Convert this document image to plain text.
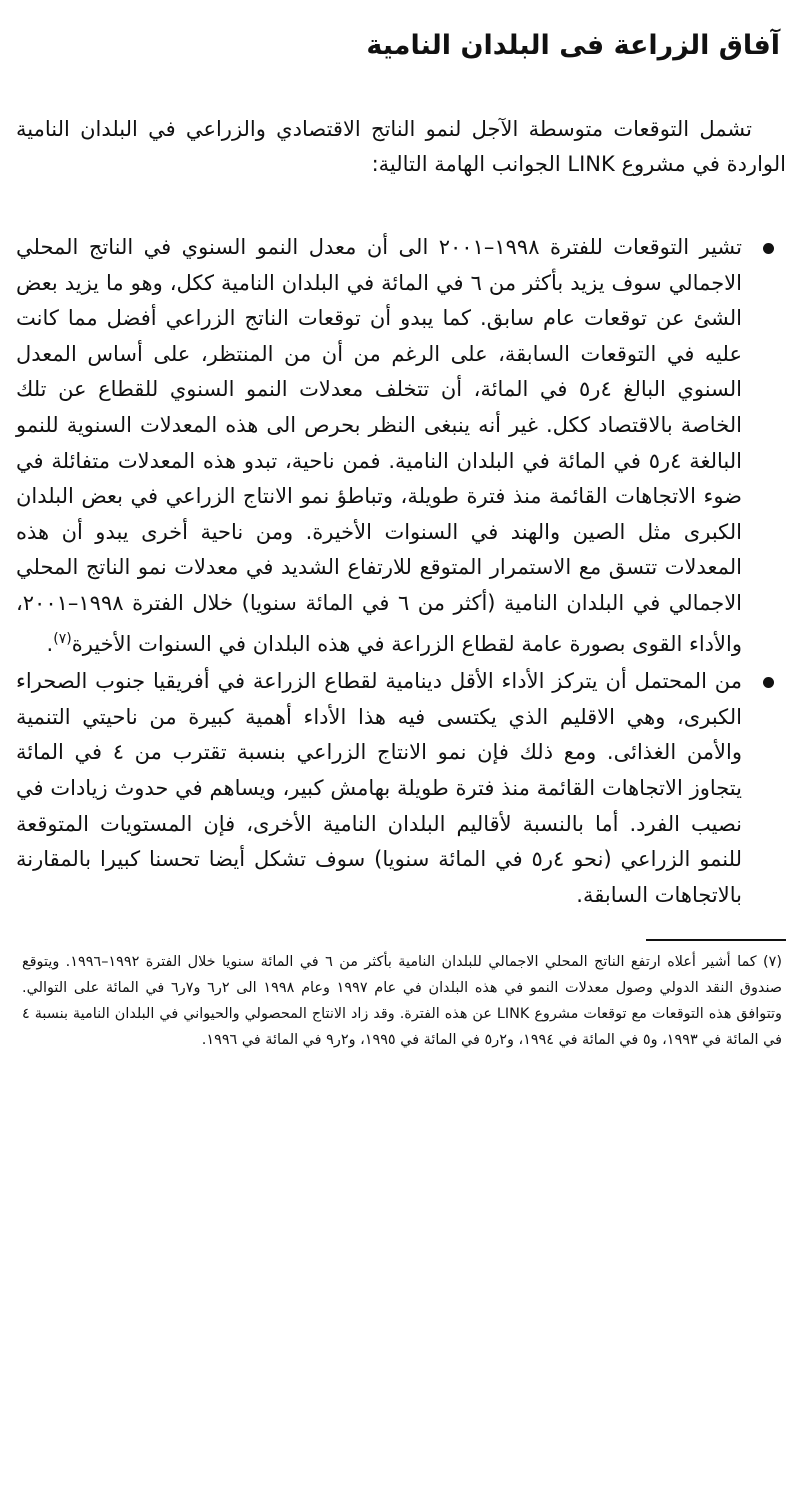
آفاق الزراعة فى البلدان النامية

تشمل التوقعات متوسطة الآجل لنمو الناتج الاقتصادي والزراعي في البلدان النامية الواردة في مشروع LINK الجوانب الهامة التالية:

تشير التوقعات للفترة ١٩٩٨–٢٠٠١ الى أن معدل النمو السنوي في الناتج المحلي الاجمالي سوف يزيد بأكثر من ٦ في المائة في البلدان النامية ككل، وهو ما يزيد بعض الشئ عن توقعات عام سابق. كما يبدو أن توقعات الناتج الزراعي أفضل مما كانت عليه في التوقعات السابقة، على الرغم من أن من المنتظر، على أساس المعدل السنوي البالغ ٤ر٥ في المائة، أن تتخلف معدلات النمو السنوي للقطاع عن تلك الخاصة بالاقتصاد ككل. غير أنه ينبغى النظر بحرص الى هذه المعدلات السنوية للنمو البالغة ٤ر٥ في المائة في البلدان النامية. فمن ناحية، تبدو هذه المعدلات متفائلة في ضوء الاتجاهات القائمة منذ فترة طويلة، وتباطؤ نمو الانتاج الزراعي في بعض البلدان الكبرى مثل الصين والهند في السنوات الأخيرة. ومن ناحية أخرى يبدو أن هذه المعدلات تتسق مع الاستمرار المتوقع للارتفاع الشديد في معدلات نمو الناتج المحلي الاجمالي في البلدان النامية (أكثر من ٦ في المائة سنويا) خلال الفترة ١٩٩٨–٢٠٠١، والأداء القوى بصورة عامة لقطاع الزراعة في هذه البلدان في السنوات الأخيرة$^{(٧)}$.
من المحتمل أن يتركز الأداء الأقل دينامية لقطاع الزراعة في أفريقيا جنوب الصحراء الكبرى، وهي الاقليم الذي يكتسى فيه هذا الأداء أهمية كبيرة من ناحيتي التنمية والأمن الغذائى. ومع ذلك فإن نمو الانتاج الزراعي بنسبة تقترب من ٤ في المائة يتجاوز الاتجاهات القائمة منذ فترة طويلة بهامش كبير، ويساهم في حدوث زيادات في نصيب الفرد. أما بالنسبة لأقاليم البلدان النامية الأخرى، فإن المستويات المتوقعة للنمو الزراعي (نحو ٤ر٥ في المائة سنويا) سوف تشكل أيضا تحسنا كبيرا بالمقارنة بالاتجاهات السابقة.

(٧) كما أشير أعلاه ارتفع الناتج المحلي الاجمالي للبلدان النامية بأكثر من ٦ في المائة سنويا خلال الفترة ١٩٩٢–١٩٩٦. ويتوقع صندوق النقد الدولي وصول معدلات النمو في هذه البلدان في عام ١٩٩٧ وعام ١٩٩٨ الى ٢ر٦ و٧ر٦ في المائة على التوالي. وتتوافق هذه التوقعات مع توقعات مشروع LINK عن هذه الفترة. وقد زاد الانتاج المحصولي والحيواني في البلدان النامية بنسبة ٤ في المائة في ١٩٩٣، و٥ في المائة في ١٩٩٤، و٢ر٥ في المائة في ١٩٩٥، و٢ر٩ في المائة في ١٩٩٦.
